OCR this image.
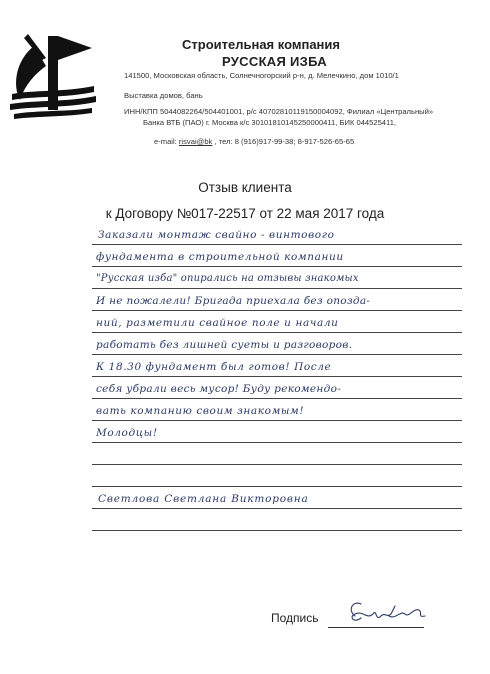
Строительная компания
РУССКАЯ ИЗБА
141500, Московская область, Солнечногорский р-н, д. Мелечкино, дом 1010/1
Выставка домов, бань
ИНН/КПП 5044082264/504401001, р/с 40702810119150004092, Филиал «Центральный»
Банка ВТБ (ПАО) г. Москва к/с 30101810145250000411, БИК 044525411,
e-mail: risvai@bk , тел: 8 (916)917-99-38; 8-917-526-65-65
Отзыв клиента
к Договору №017-22517 от 22 мая 2017 года
Заказали монтаж свайно - винтового
фундамента в строительной компании
"Русская изба" опирались на отзывы знакомых
И не пожалели! Бригада приехала без опозда-
ний, разметили свайное поле и начали
работать без лишней суеты и разговоров.
К 18.30 фундамент был готов! После
себя убрали весь мусор! Буду рекомендо-
вать компанию своим знакомым!
Молодцы!
Светлова Светлана Викторовна
Подпись
